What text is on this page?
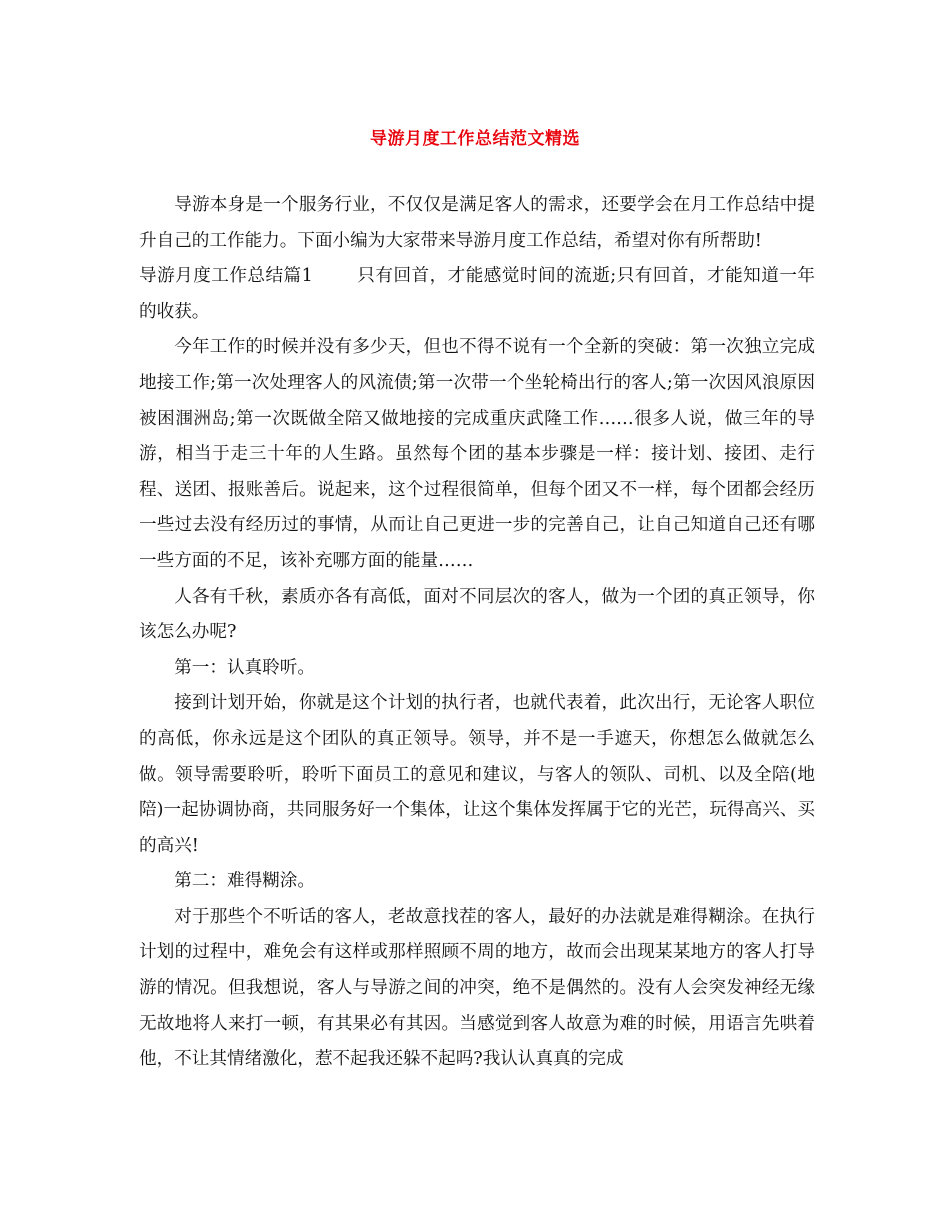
导游月度工作总结范文精选

导游本身是一个服务行业，不仅仅是满足客人的需求，还要学会在月工作总结中提升自己的工作能力。下面小编为大家带来导游月度工作总结，希望对你有所帮助!

导游月度工作总结篇1	只有回首，才能感觉时间的流逝;只有回首，才能知道一年的收获。

今年工作的时候并没有多少天，但也不得不说有一个全新的突破：第一次独立完成地接工作;第一次处理客人的风流债;第一次带一个坐轮椅出行的客人;第一次因风浪原因被困涠洲岛;第一次既做全陪又做地接的完成重庆武隆工作……很多人说，做三年的导游，相当于走三十年的人生路。虽然每个团的基本步骤是一样：接计划、接团、走行程、送团、报账善后。说起来，这个过程很简单，但每个团又不一样，每个团都会经历一些过去没有经历过的事情，从而让自己更进一步的完善自己，让自己知道自己还有哪一些方面的不足，该补充哪方面的能量……

人各有千秋，素质亦各有高低，面对不同层次的客人，做为一个团的真正领导，你该怎么办呢?

第一：认真聆听。

接到计划开始，你就是这个计划的执行者，也就代表着，此次出行，无论客人职位的高低，你永远是这个团队的真正领导。领导，并不是一手遮天，你想怎么做就怎么做。领导需要聆听，聆听下面员工的意见和建议，与客人的领队、司机、以及全陪(地陪)一起协调协商，共同服务好一个集体，让这个集体发挥属于它的光芒，玩得高兴、买的高兴!

第二：难得糊涂。

对于那些个不听话的客人，老故意找茬的客人，最好的办法就是难得糊涂。在执行计划的过程中，难免会有这样或那样照顾不周的地方，故而会出现某某地方的客人打导游的情况。但我想说，客人与导游之间的冲突，绝不是偶然的。没有人会突发神经无缘无故地将人来打一顿，有其果必有其因。当感觉到客人故意为难的时候，用语言先哄着他，不让其情绪激化，惹不起我还躲不起吗?我认认真真的完成
